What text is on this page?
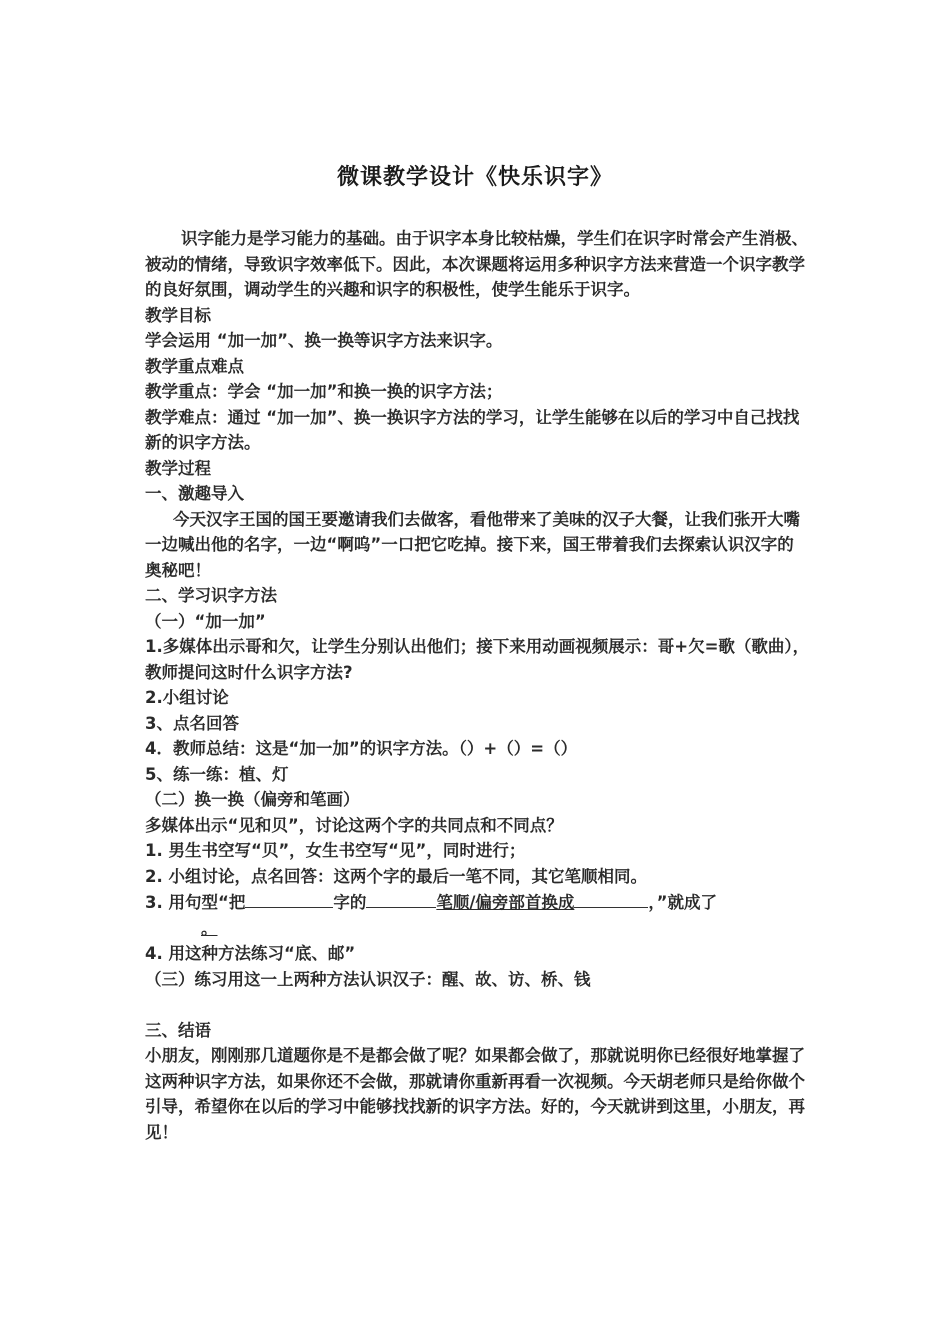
微课教学设计《快乐识字》

识字能力是学习能力的基础。由于识字本身比较枯燥，学生们在识字时常会产生消极、被动的情绪，导致识字效率低下。因此，本次课题将运用多种识字方法来营造一个识字教学的良好氛围，调动学生的兴趣和识字的积极性，使学生能乐于识字。

教学目标

学会运用 “加一加”、换一换等识字方法来识字。

教学重点难点

教学重点：学会 “加一加”和换一换的识字方法；

教学难点：通过 “加一加”、换一换识字方法的学习，让学生能够在以后的学习中自己找找新的识字方法。

教学过程

一、激趣导入

今天汉字王国的国王要邀请我们去做客，看他带来了美味的汉子大餐，让我们张开大嘴一边喊出他的名字，一边“啊呜”一口把它吃掉。接下来，国王带着我们去探索认识汉字的奥秘吧！

二、学习识字方法

（一）“加一加”

1.多媒体出示哥和欠，让学生分别认出他们；接下来用动画视频展示：哥+欠=歌（歌曲），教师提问这时什么识字方法?

2.小组讨论

3、点名回答

4．教师总结：这是“加一加”的识字方法。（）+（）=（）

5、练一练：植、灯

（二）换一换（偏旁和笔画）

多媒体出示“见和贝”，讨论这两个字的共同点和不同点？

1. 男生书空写“贝”，女生书空写“见”，同时进行；

2. 小组讨论，点名回答：这两个字的最后一笔不同，其它笔顺相同。

3. 用句型“把	字的	笔顺/偏旁部首换成	，”就成了
。

4. 用这种方法练习“底、邮”

（三）练习用这一上两种方法认识汉子：醒、故、访、桥、钱

三、结语

小朋友，刚刚那几道题你是不是都会做了呢？如果都会做了，那就说明你已经很好地掌握了这两种识字方法，如果你还不会做，那就请你重新再看一次视频。今天胡老师只是给你做个引导，希望你在以后的学习中能够找找新的识字方法。好的，今天就讲到这里，小朋友，再见！
